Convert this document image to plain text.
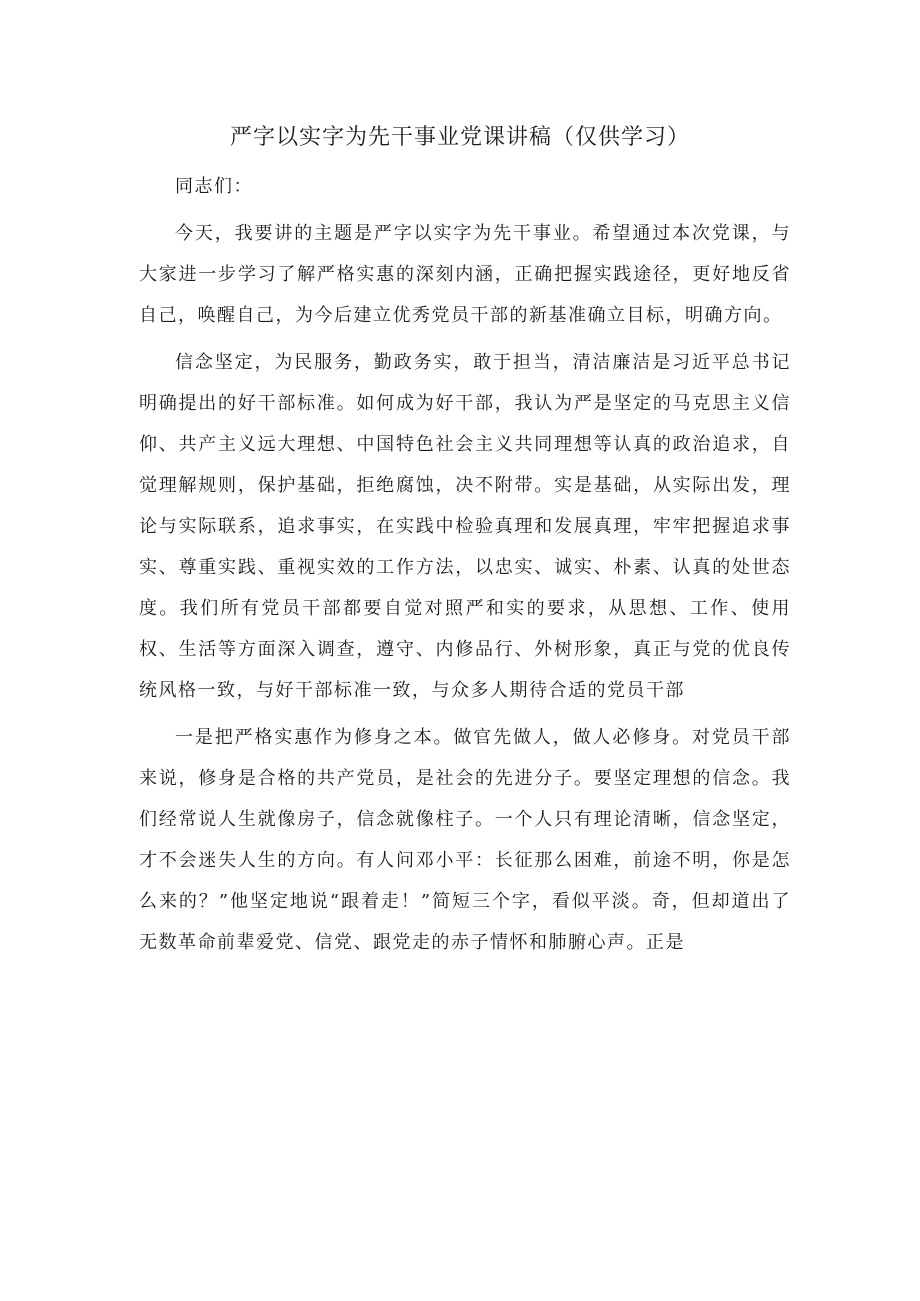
严字以实字为先干事业党课讲稿（仅供学习）

同志们：

今天，我要讲的主题是严字以实字为先干事业。希望通过本次党课，与大家进一步学习了解严格实惠的深刻内涵，正确把握实践途径，更好地反省自己，唤醒自己，为今后建立优秀党员干部的新基准确立目标，明确方向。

信念坚定，为民服务，勤政务实，敢于担当，清洁廉洁是习近平总书记明确提出的好干部标准。如何成为好干部，我认为严是坚定的马克思主义信仰、共产主义远大理想、中国特色社会主义共同理想等认真的政治追求，自觉理解规则，保护基础，拒绝腐蚀，决不附带。实是基础，从实际出发，理论与实际联系，追求事实，在实践中检验真理和发展真理，牢牢把握追求事实、尊重实践、重视实效的工作方法，以忠实、诚实、朴素、认真的处世态度。我们所有党员干部都要自觉对照严和实的要求，从思想、工作、使用权、生活等方面深入调查，遵守、内修品行、外树形象，真正与党的优良传统风格一致，与好干部标准一致，与众多人期待合适的党员干部

一是把严格实惠作为修身之本。做官先做人，做人必修身。对党员干部来说，修身是合格的共产党员，是社会的先进分子。要坚定理想的信念。我们经常说人生就像房子，信念就像柱子。一个人只有理论清晰，信念坚定，才不会迷失人生的方向。有人问邓小平：长征那么困难，前途不明，你是怎么来的？”他坚定地说“跟着走！”简短三个字，看似平淡。奇，但却道出了无数革命前辈爱党、信党、跟党走的赤子情怀和肺腑心声。正是
